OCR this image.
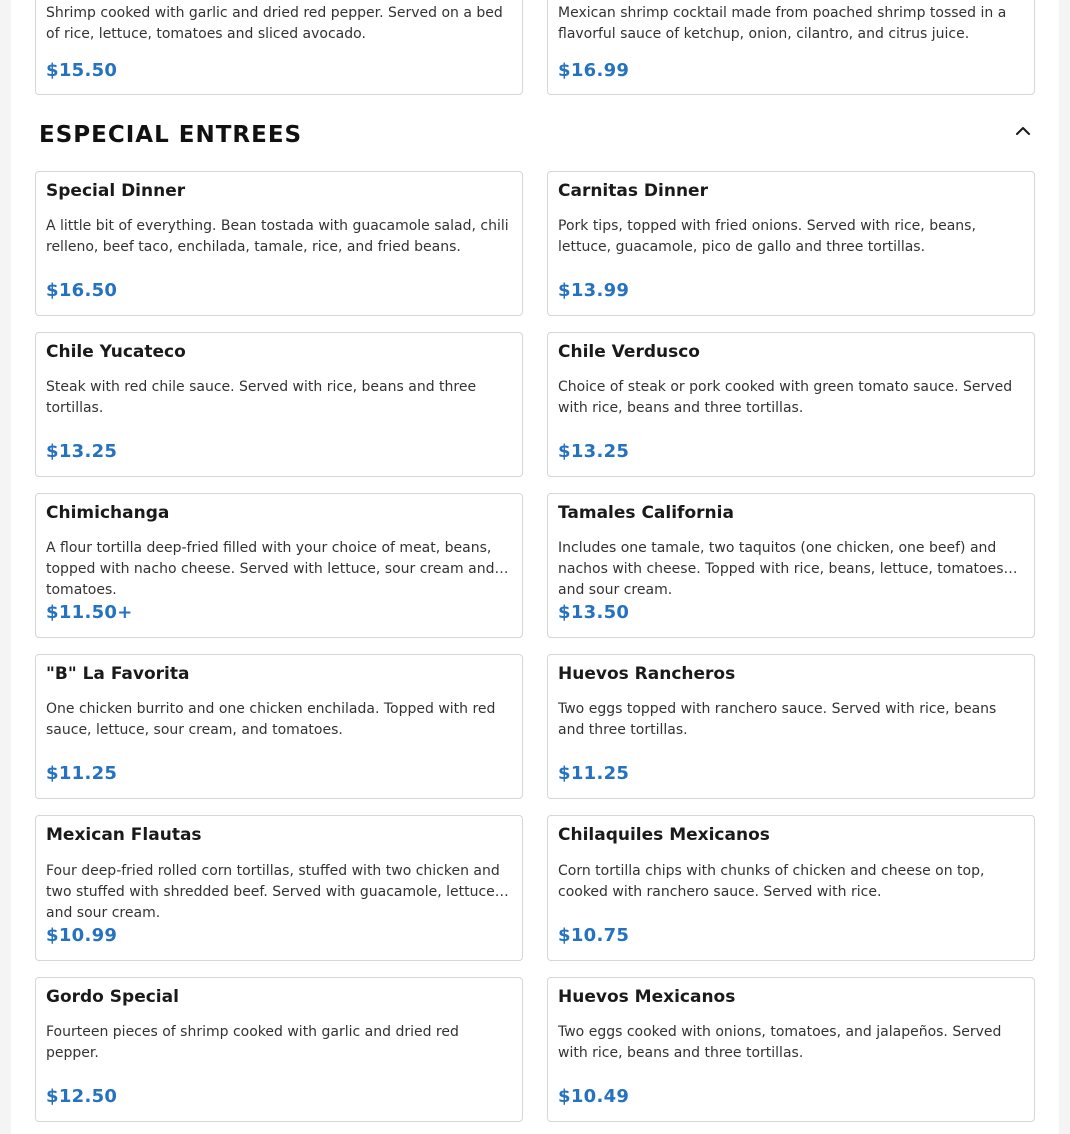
Shrimp cooked with garlic and dried red pepper. Served on a bed of rice, lettuce, tomatoes and sliced avocado.
$15.50
Mexican shrimp cocktail made from poached shrimp tossed in a flavorful sauce of ketchup, onion, cilantro, and citrus juice.
$16.99
ESPECIAL ENTREES
Special Dinner
A little bit of everything. Bean tostada with guacamole salad, chili relleno, beef taco, enchilada, tamale, rice, and fried beans.
$16.50
Carnitas Dinner
Pork tips, topped with fried onions. Served with rice, beans, lettuce, guacamole, pico de gallo and three tortillas.
$13.99
Chile Yucateco
Steak with red chile sauce. Served with rice, beans and three tortillas.
$13.25
Chile Verdusco
Choice of steak or pork cooked with green tomato sauce. Served with rice, beans and three tortillas.
$13.25
Chimichanga
A flour tortilla deep-fried filled with your choice of meat, beans, topped with nacho cheese. Served with lettuce, sour cream and tomatoes.
$11.50+
Tamales California
Includes one tamale, two taquitos (one chicken, one beef) and nachos with cheese. Topped with rice, beans, lettuce, tomatoes and sour cream.
$13.50
"B" La Favorita
One chicken burrito and one chicken enchilada. Topped with red sauce, lettuce, sour cream, and tomatoes.
$11.25
Huevos Rancheros
Two eggs topped with ranchero sauce. Served with rice, beans and three tortillas.
$11.25
Mexican Flautas
Four deep-fried rolled corn tortillas, stuffed with two chicken and two stuffed with shredded beef. Served with guacamole, lettuce and sour cream.
$10.99
Chilaquiles Mexicanos
Corn tortilla chips with chunks of chicken and cheese on top, cooked with ranchero sauce. Served with rice.
$10.75
Gordo Special
Fourteen pieces of shrimp cooked with garlic and dried red pepper.
$12.50
Huevos Mexicanos
Two eggs cooked with onions, tomatoes, and jalapeños. Served with rice, beans and three tortillas.
$10.49
